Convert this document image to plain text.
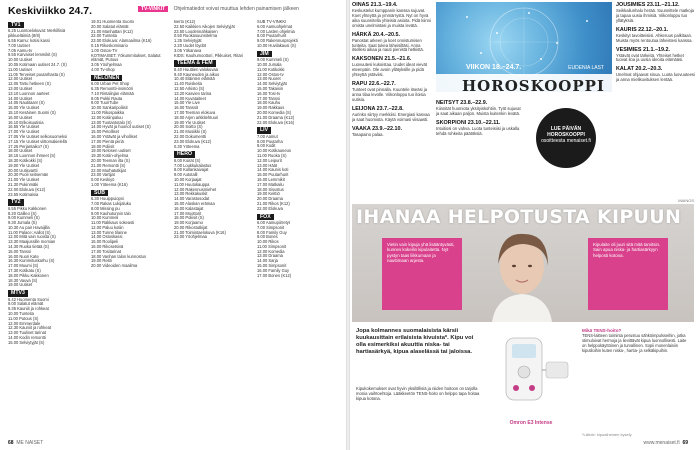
Keskiviikko 24.7.	TV-VINKIT Ohjelmatiedot voivat muuttua lehden painamisen jälkeen
TV1
6.25 Luontoelokuvat: Merkillisiä pikkueläimiä (8/8)
6.55 Kamu: kotisi kassi
7.00 Uutiset
7.05 Aamu-tv
9.55 Karvaiset lemmikit (S)
10.00 Uutiset
10.05 Kotimaan uutiset 24.7. (S)
11.00 Uutiset
11.05 Terveiset puutarhasta (S)
12.00 Uutiset
12.05 Tartu hetkeen (S)
13.00 Uutiset
13.10 Luonnon aarteet
14.00 Uutiset
14.05 Nautitaan! (S)
15.00 Yle Uutiset
15.10 Kesäinen Suomi (S)
16.00 Uutiset
16.10 Erikoisuutisia
16.55 Yle Uutiset
17.00 Yle Uutiset
17.05 Yle Uutiset selkosuomeksi
17.15 Yle Uutiset viittomakielellä
17.25 Perjantaiko? (S)
18.00 Uutiset
18.15 Luonnon ihmeet (S)
18.30 Kotikokki (S)
19.00 Yle Uutiset
20.00 Uutisvartti
20.30 Puoli seitsemän
21.00 Yle Uutiset
21.30 Pukinmäki
22.00 Elokuva (K12)
23.55 Kotimaisia
TV2
6.55 Pikku Kakkonen
8.20 Galileo (S)
9.00 Kummeli (S)
9.30 Jumala (S)
10.30 Au pair Havaijilla
11.00 Palace: Aallot (S)
12.00 Mitä vain ruoista (S)
13.30 Maajussille morsian
14.30 Ruoka tietää (S)
15.00 Tanssi
16.00 Nuori Kate
16.30 Kummituskarhu (S)
17.00 Muumi (S)
17.30 Kotikatu (S)
18.00 Pikku Kakkonen
18.30 Vauva (S)
19.00 Uutiset
MTV3
6.42 Huomenta Suomi
9.00 Salatut elämät
9.35 Kauniit ja rohkeat
10.00 Tunteita
11.00 Putous (S)
12.00 Emmerdale
12.30 Kauniit ja rohkeat
13.00 Tuuliset tarinat
14.00 Kodin remontti
15.00 Selviytyjät (S)
19.01 Huomenta Suomi
20.00 Salatut elämät
21.00 Manhattan (K12)
22.00 Tunteita
23.00 Elokuva: Alamaailma (K16)
0.15 Rikoskomisario
1.00 Ostos-TV
KOTIMAISET: Yökummitukset, Salatut elämät, Putous
3.05 Yöohjelmaa
4.00 Tv-shop
NELONEN
6.00 Urban Pet Shop
6.35 Remontti-insinööri
7.10 Rintalinjan elämää
8.05 Pukki Rauta
9.00 TuuriTube
10.00 Sankaripoliisit
11.00 Rikospaikka
12.00 Kotiinpaluu
13.00 Tuotantotalo (S)
14.00 Hyvät ja huonot uutiset (S)
15.00 Petolliset
16.00 Ystävät ja viholliset
17.00 Pientä piiriä
18.00 Poliisit
19.00 Nelosen uutiset
19.30 Kotiin-ohjelma
20.00 Teeman ilta (S)
21.00 Remontti (S)
22.00 Murhatutkijat
23.00 Vartijat
0.00 Keskiyö
1.00 Yöteema (K16)
SUB
6.30 Huuippuiopsi
7.00 Rakas Lukijaluku
8.00 Missing pu
9.00 Kauhutunnin talo
10.00 Kummeli
11.00 Rakkaus sokeasti
12.00 Paluu kotiin
13.00 Tunne tilanne
14.00 Ostoskassi
15.00 Roolipeli
16.00 Rikosetsivä
17.00 Tositarinat
18.00 Vanhan talon kunnostus
19.00 Reitti
20.00 Videoiden maailma
kierto (K12)
22.50 Kaikkien Aikojen Selviytyjät
23.50 Loodennahkaisen
0.50 Ruokasuunnitelma
1.35 Selviytyjät
2.20 Uudet löydöt
3.05 Yökanava
KIDS: Kauhumoottori, Pikkuiset, Ritari
TEEMA & FEM
8.40 Huuttien valokuvaa
9.40 Kauneuden ja aikoo
10.40 Eläinten elämää
11.40 Roiskeita
12.50 Arkisto (S)
13.20 Kasvien tarina
14.00 Kuvataiteet
15.00 Yle Live
16.00 Tanssit
17.00 Teeman elokuva
18.00 Arjen arkkitehtuuri
19.00 Yle Uutiset
20.00 Soitto (S)
21.00 Musiikki (S)
22.00 Dokumentti
23.00 Elokuva (K12)
0.30 Yöteema
HERO
6.00 Koirat (S)
7.00 Loukkukalastus
8.00 Kullankaivajat
9.00 Autotalli
10.00 Korjaajat
11.00 Huutokauppa
12.00 Rakennusmiehet
13.00 Rekkakuskit
14.00 Varastosodat
15.00 Alaskan erämaa
16.00 Kalastajat
17.00 Moottorit
18.00 Poliisit (S)
19.00 Korjaamo
20.00 Rikostutkijat
21.00 Toimintaelokuva (K16)
23.00 Yöohjelmaa
SUB TV-VINKKI
6.00 Aamuohjelmat
7.00 Lasten ohjelmia
8.00 Puutarhurit
9.00 Rakennusprojekti
10.00 Huvilakausi (S)
JIM
9.00 Kummeli (S)
10.00 Jumala
11.00 Kotikokki
12.00 Ostos-tv
13.00 Nuoret
14.00 Selviytyjät
15.00 Takaisin
16.00 Tosi-tv
17.00 Tanssi
18.00 Kauhu
19.00 Rakkaus
20.00 Komedia (S)
21.00 Draama (K12)
22.00 Elokuva (K16)
LIV
7.00 Aamut
8.00 Puutarha
9.00 Kodit
10.00 Kotikauneus
11.00 Ruoka (S)
12.00 Leipurit
13.00 Häät
14.00 Kaunis koti
15.00 Puutarhurit
16.00 Lemmikit
17.00 Matkailu
18.00 Sisustus
19.00 Keittiö
20.00 Draama
21.00 Rikos (K12)
22.00 Elokuva
FOX
6.00 Aamupiirretyt
7.00 Simpsonit
8.00 Family Guy
9.00 Bones
10.00 Rikos
11.00 Simpsonit
12.00 Komedia
13.00 Draama
14.00 Sarja
15.00 Simpsonit
16.00 Family Guy
17.00 Bones (K12)
68 ME NAISET
OINAS 21.3.–19.4.
Keskustelut kumppanin kanssa sujuvat. Koet yhteyttä ja ymmärrystä. Nyt on hyvä aika suunnitella yhteisiä asioita. Pidä kiinni omista unelmistasi ja muista levätä.
HÄRKÄ 20.4.–20.5.
Panostat arkeen ja koet onnistumisen tunteita. Saat tukea läheisiltäsi. Anna itsellesi aikaa ja nauti pienistä hetkistä.
KAKSONEN 21.5.–21.6.
Luovuutesi kukoistaa. Uudet ideat vievät eteenpäin. Ole avoin yllätyksille ja pidä yhteyttä ystäviisi.
RAPU 22.6.–22.7.
Tunteet ovat pinnalla. Kuuntele itseäsi ja anna tilaa levolle. Viikonloppu tuo iloisia uutisia.
LEIJONA 23.7.–22.8.
Aurinko siirtyy merkkiisi. Energiasi kasvaa ja saat huomiota. Käytä voimasi viisaasti.
VAAKA 23.9.–22.10.
Tasapaino palaa.
VIIKON 18.–24.7.	EUDENIA LAST
HOROSKOOPPI
NEITSYT 23.8.–22.9.
Kiinnität huomiota yksityiskohtiin. Työt sujuvat ja saat aikaan paljon. Muista kuitenkin levätä.
SKORPIONI 23.10.–22.11.
Intuitiosi on vahva. Luota tunteisiisi ja uskalla tehdä rohkeita päätöksiä.
LUE PÄIVÄN HOROSKOOPPI
osoitteesta menaiset.fi
JOUSIMIES 23.11.–21.12.
Seikkailunhalu herää. Suunnittele matkoja ja tapaa uusia ihmisiä. Viikonloppu tuo yllätyksiä.
KAURIS 22.12.–20.1.
Keskityt tavoitteisiisi. Ahkeruus palkitaan. Muista myös rentoutua läheistesi kanssa.
VESIMIES 21.1.–19.2.
Ystävät ovat tärkeitä. Yhteiset hetket tuovat iloa ja uusia ideoita elämääsi.
KALAT 20.2.–20.3.
Unelmat ohjaavat sinua. Luota luovuuteesi ja anna mielikuvituksen lentää.
MAINOS
IHANAA HELPOTUSTA KIPUUN
Vietin vain kipuja yhä lisääntyvästi, kunnes kokeilin kipulaitetta. Nyt pystyn taas liikkumaan ja nauttimaan arjesta.
Kipulaite oli juuri sitä mitä tarvitsin. Sain apua niska- ja hartiasärkyyn helposti kotona.
Jopa kolmannes suomalaisista kärsii kuukausittain erilaisista kivuista*. Kipu voi olla esimerkiksi akuuttia niska- tai hartiasärkyä, kipua alaselässä tai jaloissa.
Kipukokemukset ovat hyvin yksilöllisiä ja niiden hoitoon on tarjolla monia vaihtoehtoja. Lääkkeetön TENS-hoito on helppo tapa hoitaa kipua kotona.
Omron E3 Intense
Mikä TENS-hoito?
TENS-laitteen toiminta perustuu sähköimpulsseihin, jotka stimuloivat hermoja ja lievittävät kipua luonnollisesti. Laite on helppokäyttöinen ja turvallinen. Sopii monenlaisiin kiputiloihin kuten niska-, hartia- ja selkäkipuihin.
*Lähde: kipuaiheinen kysely
www.menaiset.fi 69
